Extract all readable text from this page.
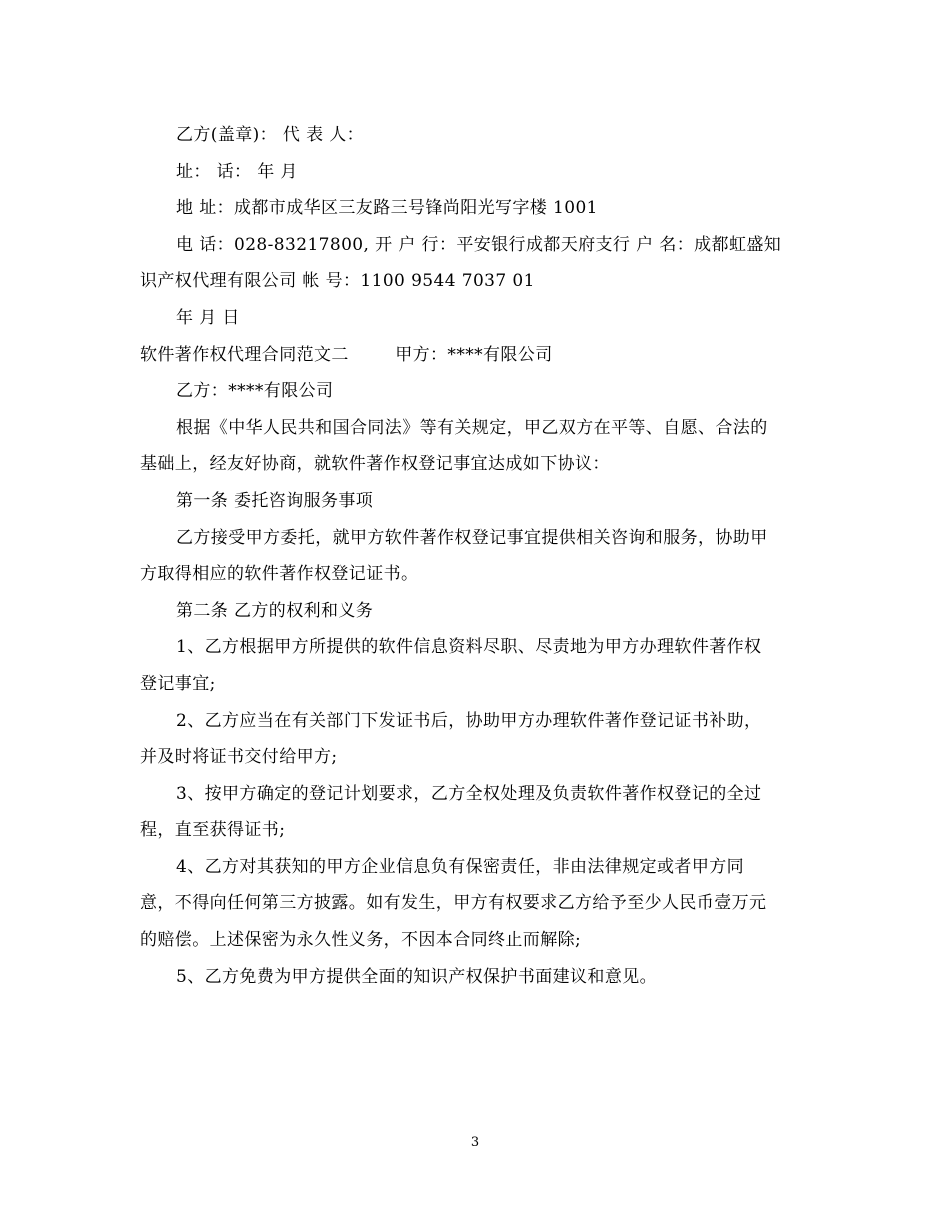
乙方(盖章)： 代 表 人：
址： 话： 年 月
地 址：成都市成华区三友路三号锋尚阳光写字楼 1001
电 话：028-83217800, 开 户 行：平安银行成都天府支行 户 名：成都虹盛知
识产权代理有限公司 帐 号：1100 9544 7037 01
年 月 日
软件著作权代理合同范文二        甲方：****有限公司
乙方：****有限公司
根据《中华人民共和国合同法》等有关规定，甲乙双方在平等、自愿、合法的
基础上，经友好协商，就软件著作权登记事宜达成如下协议：
第一条 委托咨询服务事项
乙方接受甲方委托，就甲方软件著作权登记事宜提供相关咨询和服务，协助甲
方取得相应的软件著作权登记证书。
第二条 乙方的权利和义务
1、乙方根据甲方所提供的软件信息资料尽职、尽责地为甲方办理软件著作权
登记事宜;
2、乙方应当在有关部门下发证书后，协助甲方办理软件著作登记证书补助，
并及时将证书交付给甲方;
3、按甲方确定的登记计划要求，乙方全权处理及负责软件著作权登记的全过
程，直至获得证书;
4、乙方对其获知的甲方企业信息负有保密责任，非由法律规定或者甲方同
意，不得向任何第三方披露。如有发生，甲方有权要求乙方给予至少人民币壹万元
的赔偿。上述保密为永久性义务，不因本合同终止而解除;
5、乙方免费为甲方提供全面的知识产权保护书面建议和意见。
3
